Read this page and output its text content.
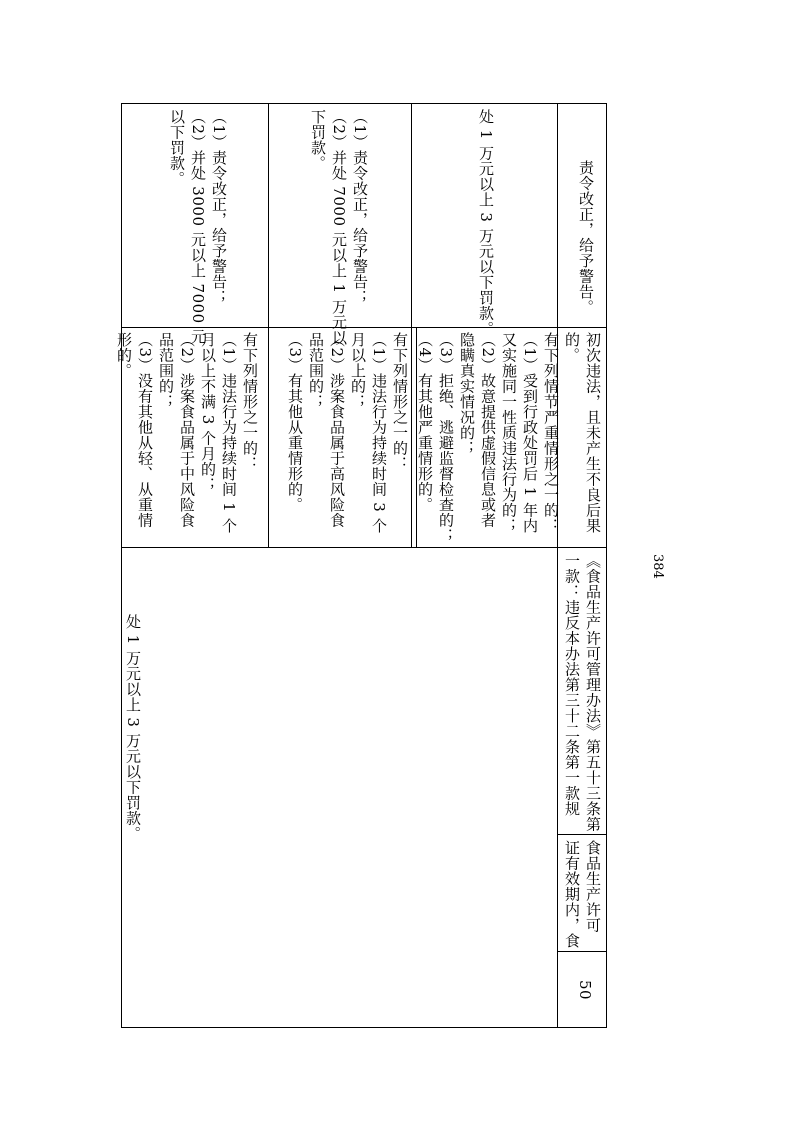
处 1 万元以上 3 万元以下罚款。
有下列情形之一的：
（1）违法行为持续时间 1 个
月以上不满 3 个月的；
（2）涉案食品属于中风险食
品范围的；
（3）没有其他从轻、从重情
形的。
（1）责令改正，给予警告；
（2）并处 3000 元以上 7000 元
以下罚款。
有下列情形之一的：
（1）违法行为持续时间 3 个
月以上的；
（2）涉案食品属于高风险食
品范围的；
（3）有其他从重情形的。
（1）责令改正，给予警告；
（2）并处 7000 元以上 1 万元以
下罚款。
有下列情节严重情形之一的：
（1）受到行政处罚后 1 年内
又实施同一性质违法行为的；
（2）故意提供虚假信息或者
隐瞒真实情况的；
（3）拒绝、逃避监督检查的；
（4）有其他严重情形的。
处 1 万元以上 3 万元以下罚款。
50
食品生产许可
证有效期内，食
《食品生产许可管理办法》第五十三条第
一款：违反本办法第三十二条第一款规
初次违法，且未产生不良后果
的。
责令改正，给予警告。
384
